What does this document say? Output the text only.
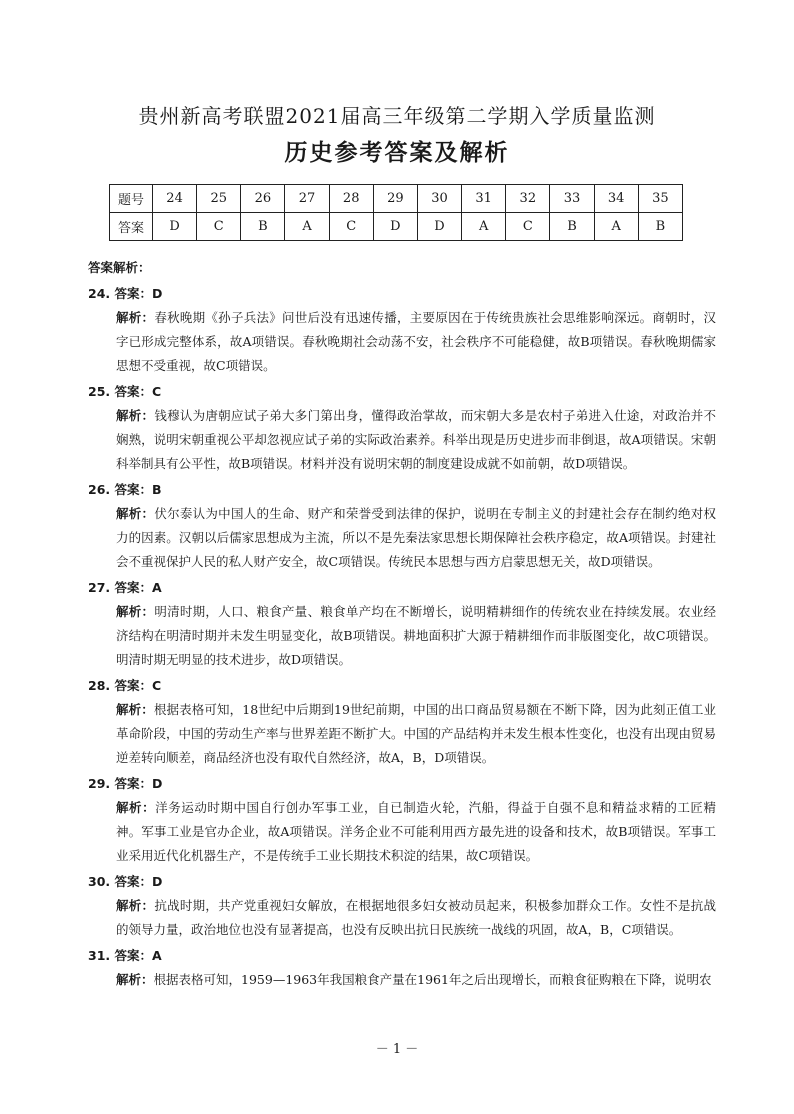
贵州新高考联盟2021届高三年级第二学期入学质量监测
历史参考答案及解析
题号	24	25	26	27	28	29	30	31	32	33	34	35
答案	D	C	B	A	C	D	D	A	C	B	A	B
答案解析：
24. 答案：D
解析：春秋晚期《孙子兵法》问世后没有迅速传播，主要原因在于传统贵族社会思维影响深远。商朝时，汉字已形成完整体系，故A项错误。春秋晚期社会动荡不安，社会秩序不可能稳健，故B项错误。春秋晚期儒家思想不受重视，故C项错误。
25. 答案：C
解析：钱穆认为唐朝应试子弟大多门第出身，懂得政治掌故，而宋朝大多是农村子弟进入仕途，对政治并不娴熟，说明宋朝重视公平却忽视应试子弟的实际政治素养。科举出现是历史进步而非倒退，故A项错误。宋朝科举制具有公平性，故B项错误。材料并没有说明宋朝的制度建设成就不如前朝，故D项错误。
26. 答案：B
解析：伏尔泰认为中国人的生命、财产和荣誉受到法律的保护，说明在专制主义的封建社会存在制约绝对权力的因素。汉朝以后儒家思想成为主流，所以不是先秦法家思想长期保障社会秩序稳定，故A项错误。封建社会不重视保护人民的私人财产安全，故C项错误。传统民本思想与西方启蒙思想无关，故D项错误。
27. 答案：A
解析：明清时期，人口、粮食产量、粮食单产均在不断增长，说明精耕细作的传统农业在持续发展。农业经济结构在明清时期并未发生明显变化，故B项错误。耕地面积扩大源于精耕细作而非版图变化，故C项错误。明清时期无明显的技术进步，故D项错误。
28. 答案：C
解析：根据表格可知，18世纪中后期到19世纪前期，中国的出口商品贸易额在不断下降，因为此刻正值工业革命阶段，中国的劳动生产率与世界差距不断扩大。中国的产品结构并未发生根本性变化，也没有出现由贸易逆差转向顺差，商品经济也没有取代自然经济，故A，B，D项错误。
29. 答案：D
解析：洋务运动时期中国自行创办军事工业，自已制造火轮，汽船，得益于自强不息和精益求精的工匠精神。军事工业是官办企业，故A项错误。洋务企业不可能利用西方最先进的设备和技术，故B项错误。军事工业采用近代化机器生产，不是传统手工业长期技术积淀的结果，故C项错误。
30. 答案：D
解析：抗战时期，共产党重视妇女解放，在根据地很多妇女被动员起来，积极参加群众工作。女性不是抗战的领导力量，政治地位也没有显著提高，也没有反映出抗日民族统一战线的巩固，故A，B，C项错误。
31. 答案：A
解析：根据表格可知，1959—1963年我国粮食产量在1961年之后出现增长，而粮食征购粮在下降，说明农
－ 1 －
